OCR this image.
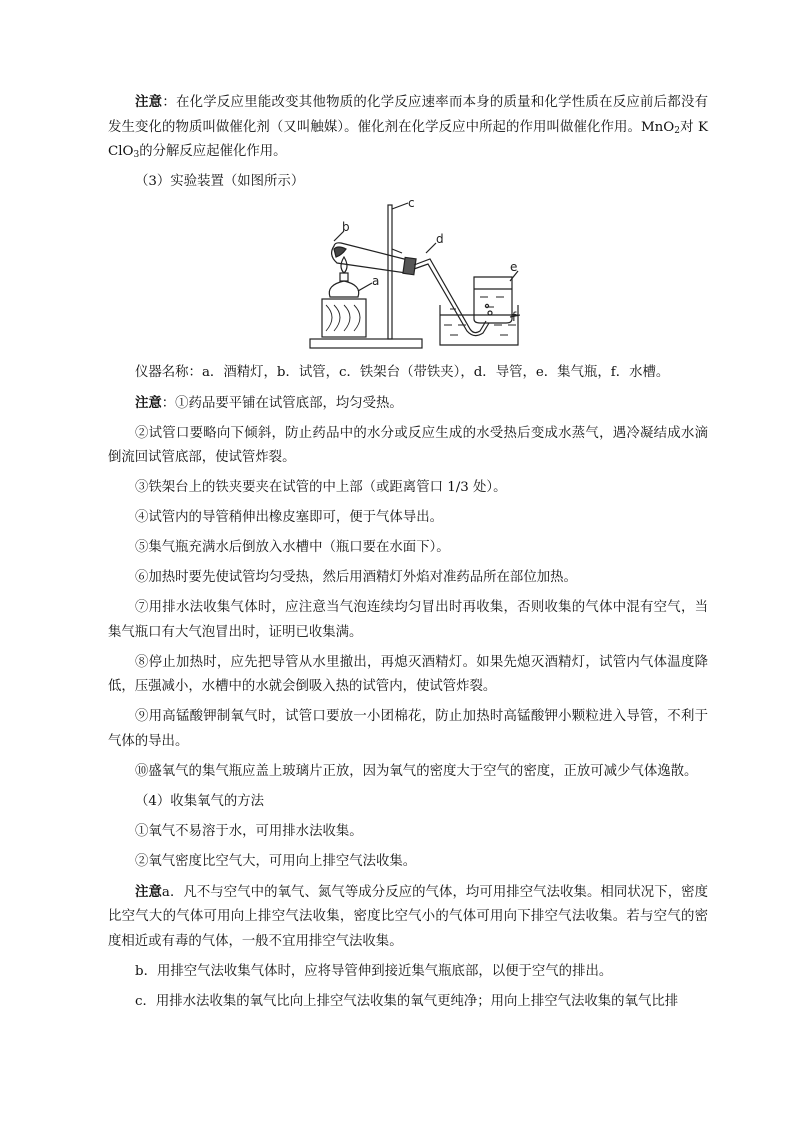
注意：在化学反应里能改变其他物质的化学反应速率而本身的质量和化学性质在反应前后都没有发生变化的物质叫做催化剂（又叫触媒）。催化剂在化学反应中所起的作用叫做催化作用。MnO$_2$对 KClO$_3$的分解反应起催化作用。

（3）实验装置（如图所示）

c
b
a
d
e
f

仪器名称：a．酒精灯，b．试管，c．铁架台（带铁夹），d．导管，e．集气瓶，f．水槽。

注意：①药品要平铺在试管底部，均匀受热。

②试管口要略向下倾斜，防止药品中的水分或反应生成的水受热后变成水蒸气，遇冷凝结成水滴倒流回试管底部，使试管炸裂。

③铁架台上的铁夹要夹在试管的中上部（或距离管口 1/3 处）。

④试管内的导管稍伸出橡皮塞即可，便于气体导出。

⑤集气瓶充满水后倒放入水槽中（瓶口要在水面下）。

⑥加热时要先使试管均匀受热，然后用酒精灯外焰对准药品所在部位加热。

⑦用排水法收集气体时，应注意当气泡连续均匀冒出时再收集，否则收集的气体中混有空气，当集气瓶口有大气泡冒出时，证明已收集满。

⑧停止加热时，应先把导管从水里撤出，再熄灭酒精灯。如果先熄灭酒精灯，试管内气体温度降低，压强减小，水槽中的水就会倒吸入热的试管内，使试管炸裂。

⑨用高锰酸钾制氧气时，试管口要放一小团棉花，防止加热时高锰酸钾小颗粒进入导管，不利于气体的导出。

⑩盛氧气的集气瓶应盖上玻璃片正放，因为氧气的密度大于空气的密度，正放可减少气体逸散。

（4）收集氧气的方法

①氧气不易溶于水，可用排水法收集。

②氧气密度比空气大，可用向上排空气法收集。

注意a．凡不与空气中的氧气、氮气等成分反应的气体，均可用排空气法收集。相同状况下，密度比空气大的气体可用向上排空气法收集，密度比空气小的气体可用向下排空气法收集。若与空气的密度相近或有毒的气体，一般不宜用排空气法收集。

b．用排空气法收集气体时，应将导管伸到接近集气瓶底部，以便于空气的排出。

c．用排水法收集的氧气比向上排空气法收集的氧气更纯净；用向上排空气法收集的氧气比排
